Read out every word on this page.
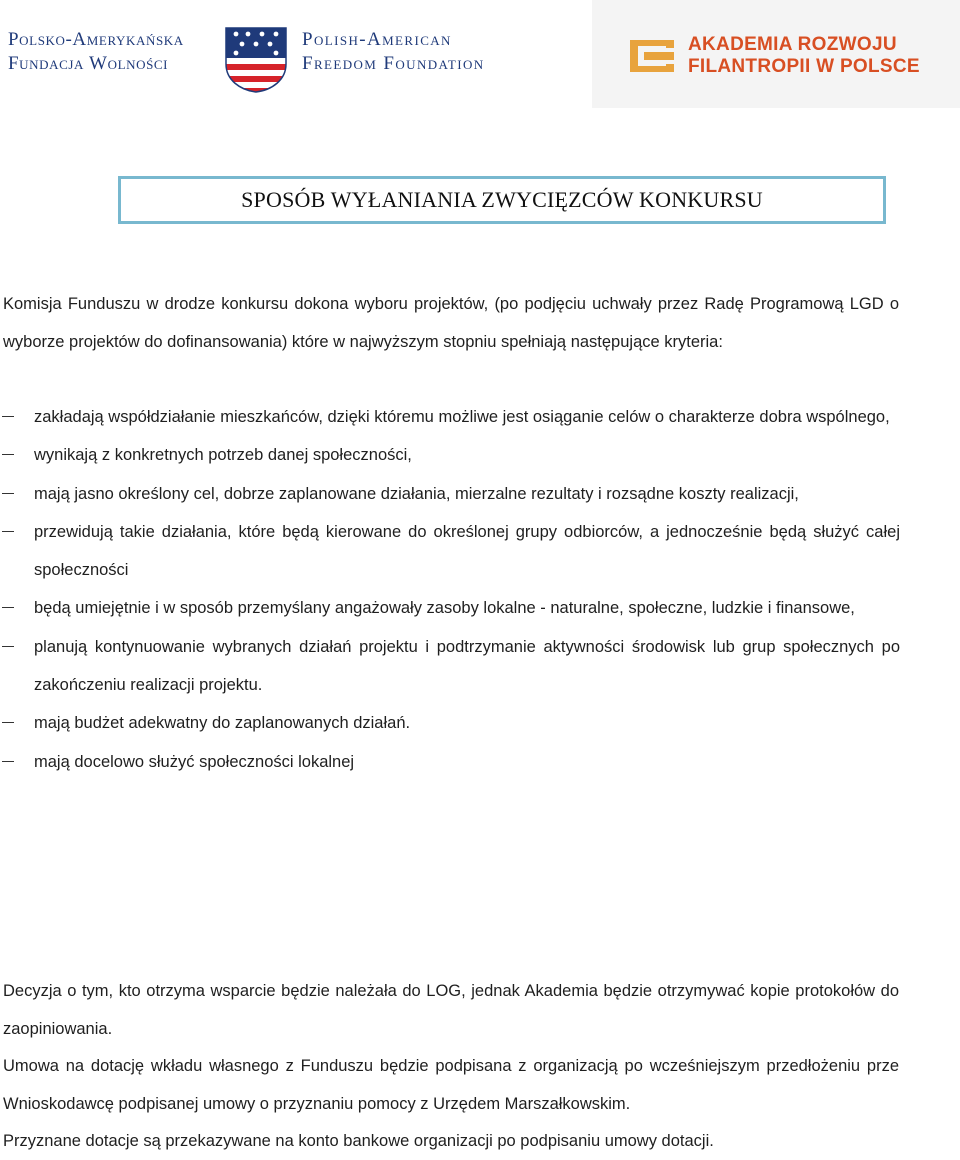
Polsko-Amerykańska
Fundacja Wolności
Polish-American
Freedom Foundation
AKADEMIA ROZWOJU
FILANTROPII W POLSCE
SPOSÓB WYŁANIANIA ZWYCIĘZCÓW KONKURSU
Komisja Funduszu w drodze konkursu dokona wyboru projektów, (po podjęciu uchwały przez Radę Programową LGD o wyborze projektów do dofinansowania) które w najwyższym stopniu spełniają następujące kryteria:
zakładają współdziałanie mieszkańców, dzięki któremu możliwe jest osiąganie celów o charakterze dobra wspólnego,
wynikają z konkretnych potrzeb danej społeczności,
mają jasno określony cel, dobrze zaplanowane działania, mierzalne rezultaty i rozsądne koszty realizacji,
przewidują takie działania, które będą kierowane do określonej grupy odbiorców, a jednocześnie będą służyć całej społeczności
będą umiejętnie i w sposób przemyślany angażowały zasoby lokalne - naturalne, społeczne, ludzkie i finansowe,
planują kontynuowanie wybranych działań projektu i podtrzymanie aktywności środowisk lub grup społecznych po zakończeniu realizacji projektu.
mają budżet adekwatny do zaplanowanych działań.
mają docelowo służyć społeczności lokalnej
Decyzja o tym, kto otrzyma wsparcie będzie należała do LOG, jednak Akademia będzie otrzymywać kopie protokołów do zaopiniowania.
Umowa na dotację wkładu własnego z Funduszu będzie podpisana z organizacją po wcześniejszym przedłożeniu prze Wnioskodawcę podpisanej umowy o przyznaniu pomocy z Urzędem Marszałkowskim.
Przyznane dotacje są przekazywane na konto bankowe organizacji po podpisaniu umowy dotacji.
